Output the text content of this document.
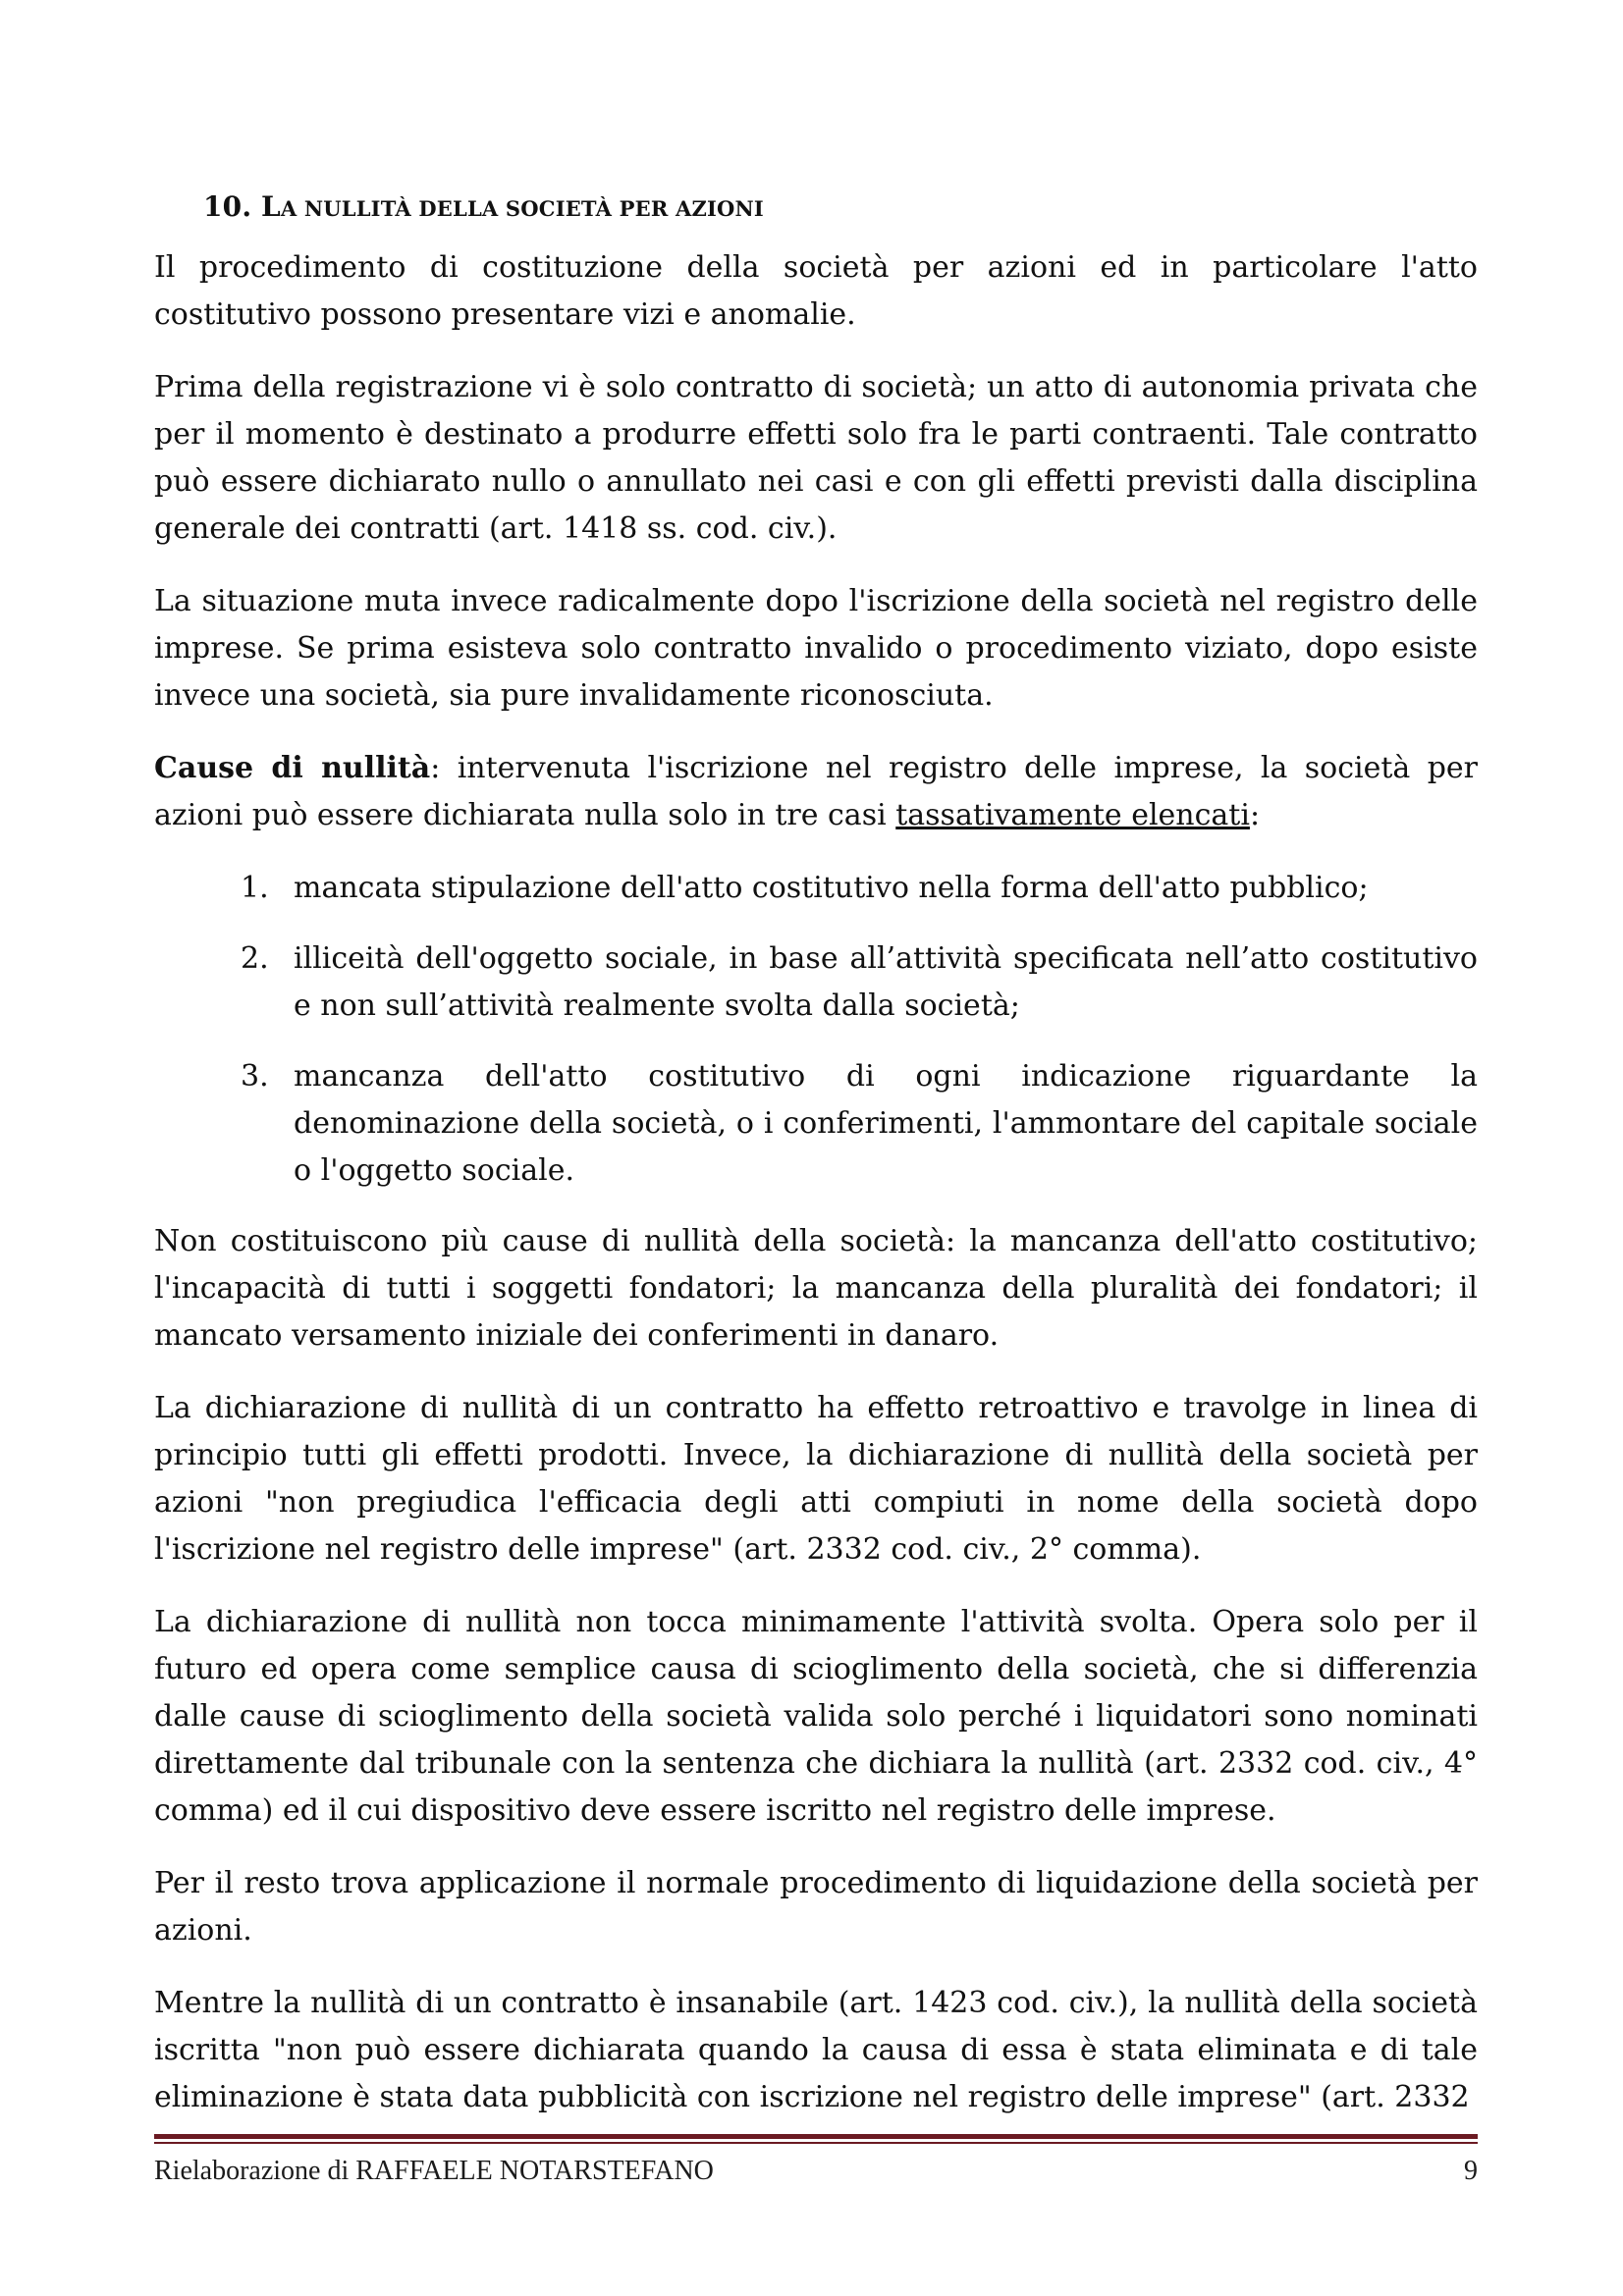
10. LA NULLITÀ DELLA SOCIETÀ PER AZIONI

Il procedimento di costituzione della società per azioni ed in particolare l'atto costitutivo possono presentare vizi e anomalie.

Prima della registrazione vi è solo contratto di società; un atto di autonomia privata che per il momento è destinato a produrre effetti solo fra le parti contraenti. Tale contratto può essere dichiarato nullo o annullato nei casi e con gli effetti previsti dalla disciplina generale dei contratti (art. 1418 ss. cod. civ.).

La situazione muta invece radicalmente dopo l'iscrizione della società nel registro delle imprese. Se prima esisteva solo contratto invalido o procedimento viziato, dopo esiste invece una società, sia pure invalidamente riconosciuta.

Cause di nullità: intervenuta l'iscrizione nel registro delle imprese, la società per azioni può essere dichiarata nulla solo in tre casi tassativamente elencati:

1. mancata stipulazione dell'atto costitutivo nella forma dell'atto pubblico;
2. illiceità dell'oggetto sociale, in base all’attività specificata nell’atto costitutivo e non sull’attività realmente svolta dalla società;
3. mancanza dell'atto costitutivo di ogni indicazione riguardante la denominazione della società, o i conferimenti, l'ammontare del capitale sociale o l'oggetto sociale.

Non costituiscono più cause di nullità della società: la mancanza dell'atto costitutivo; l'incapacità di tutti i soggetti fondatori; la mancanza della pluralità dei fondatori; il mancato versamento iniziale dei conferimenti in danaro.

La dichiarazione di nullità di un contratto ha effetto retroattivo e travolge in linea di principio tutti gli effetti prodotti. Invece, la dichiarazione di nullità della società per azioni "non pregiudica l'efficacia degli atti compiuti in nome della società dopo l'iscrizione nel registro delle imprese" (art. 2332 cod. civ., 2° comma).

La dichiarazione di nullità non tocca minimamente l'attività svolta. Opera solo per il futuro ed opera come semplice causa di scioglimento della società, che si differenzia dalle cause di scioglimento della società valida solo perché i liquidatori sono nominati direttamente dal tribunale con la sentenza che dichiara la nullità (art. 2332 cod. civ., 4° comma) ed il cui dispositivo deve essere iscritto nel registro delle imprese.

Per il resto trova applicazione il normale procedimento di liquidazione della società per azioni.

Mentre la nullità di un contratto è insanabile (art. 1423 cod. civ.), la nullità della società iscritta "non può essere dichiarata quando la causa di essa è stata eliminata e di tale eliminazione è stata data pubblicità con iscrizione nel registro delle imprese" (art. 2332

Rielaborazione di RAFFAELE NOTARSTEFANO	9
